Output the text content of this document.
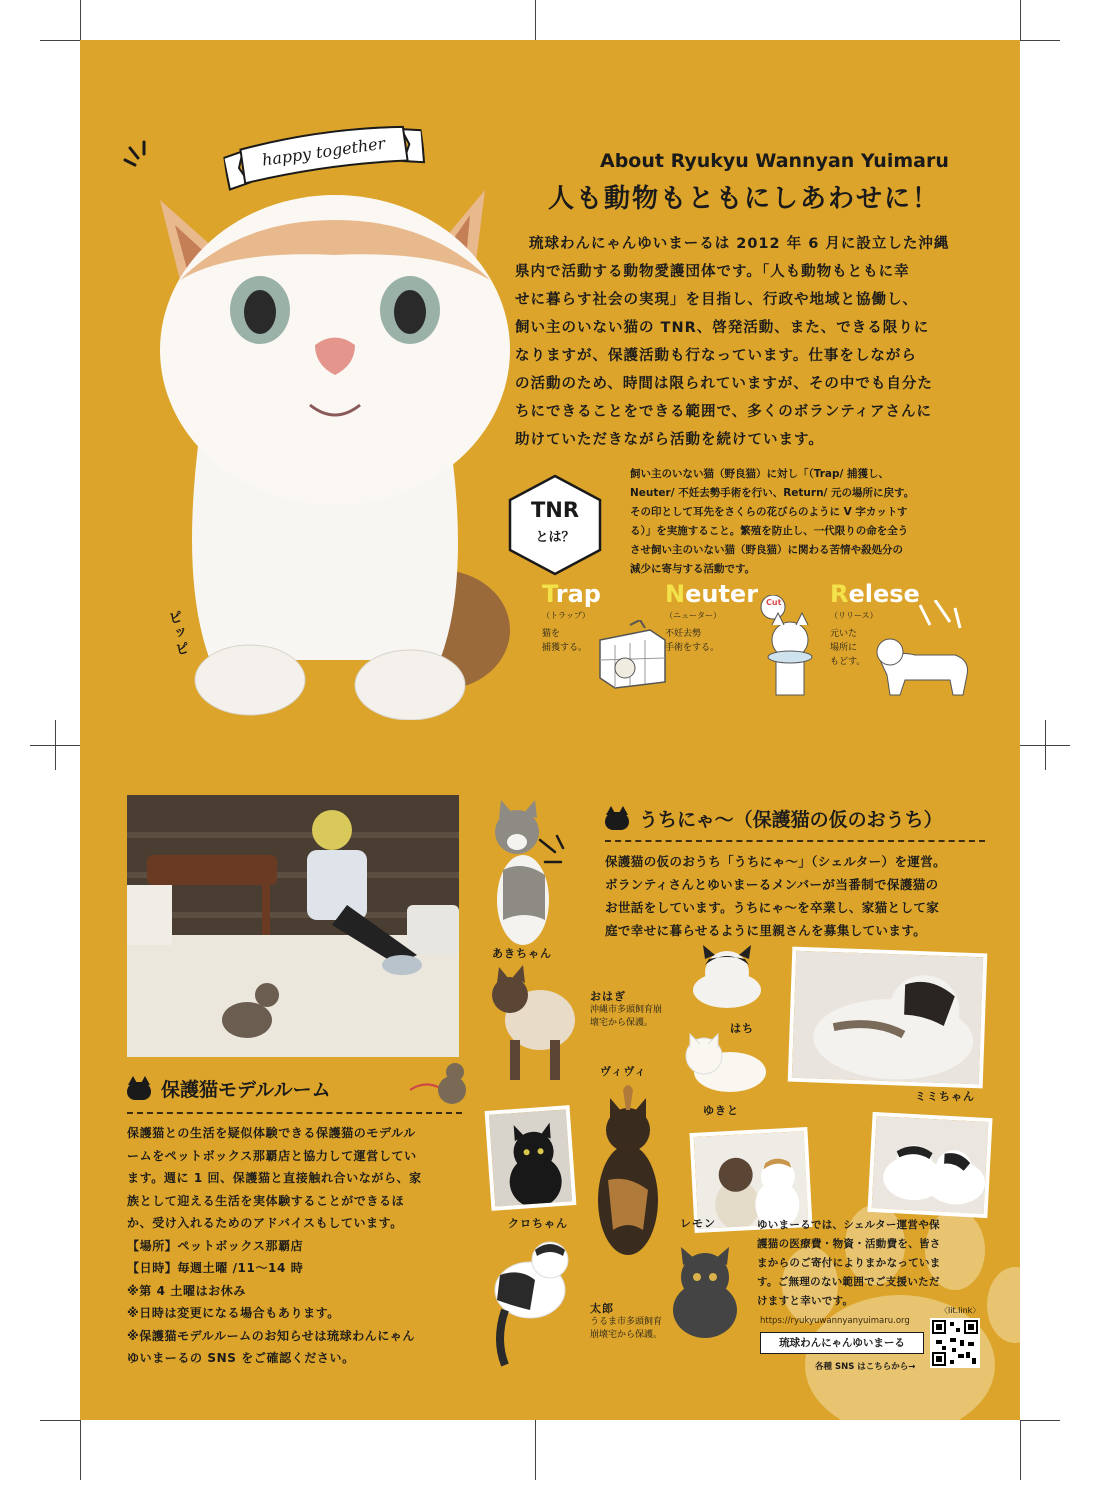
ピッピ
happy together	About Ryukyu Wannyan Yuimaru
人も動物もともにしあわせに！
琉球わんにゃんゆいまーるは 2012 年 6 月に設立した沖縄
県内で活動する動物愛護団体です。「人も動物もともに幸
せに暮らす社会の実現」を目指し、行政や地域と協働し、
飼い主のいない猫の TNR、啓発活動、また、できる限りに
なりますが、保護活動も行なっています。仕事をしながら
の活動のため、時間は限られていますが、その中でも自分た
ちにできることをできる範囲で、多くのボランティアさんに
助けていただきながら活動を続けています。
TNR
とは？
飼い主のいない猫（野良猫）に対し「（Trap/ 捕獲し、
Neuter/ 不妊去勢手術を行い、Return/ 元の場所に戻す。
その印として耳先をさくらの花びらのように V 字カットす
る）」を実施すること。繁殖を防止し、一代限りの命を全う
させ飼い主のいない猫（野良猫）に関わる苦情や殺処分の
減少に寄与する活動です。
Trap
（トラップ）
猫を
捕獲する。
Neuter
（ニューター）
不妊去勢
手術をする。
Cut Relese
（リリース）
元いた
場所に
もどす。
保護猫モデルルーム
保護猫との生活を疑似体験できる保護猫のモデルル
ームをペットボックス那覇店と協力して運営してい
ます。週に 1 回、保護猫と直接触れ合いながら、家
族として迎える生活を実体験することができるほ
か、受け入れるためのアドバイスもしています。
【場所】ペットボックス那覇店
【日時】毎週土曜 /11～14 時
※第 4 土曜はお休み
※日時は変更になる場合もあります。
※保護猫モデルルームのお知らせは琉球わんにゃん
ゆいまーるの SNS をご確認ください。
うちにゃ～（保護猫の仮のおうち）
保護猫の仮のおうち「うちにゃ～」（シェルター）を運営。
ボランティさんとゆいまーるメンバーが当番制で保護猫の
お世話をしています。うちにゃ～を卒業し、家猫として家
庭で幸せに暮らせるように里親さんを募集しています。
あきちゃん
おはぎ
沖縄市多頭飼育崩
壊宅から保護。	はち
ミミちゃん
ヴィヴィ
ゆきと
クロちゃん
太郎
うるま市多頭飼育
崩壊宅から保護。
レモン	ゆいまーるでは、シェルター運営や保
護猫の医療費・物資・活動費を、皆さ
まからのご寄付によりまかなっていま
す。ご無理のない範囲でご支援いただ
けますと幸いです。
〈lit.link〉
https://ryukyuwannyanyuimaru.org
琉球わんにゃんゆいまーる
各種 SNS はこちらから→
